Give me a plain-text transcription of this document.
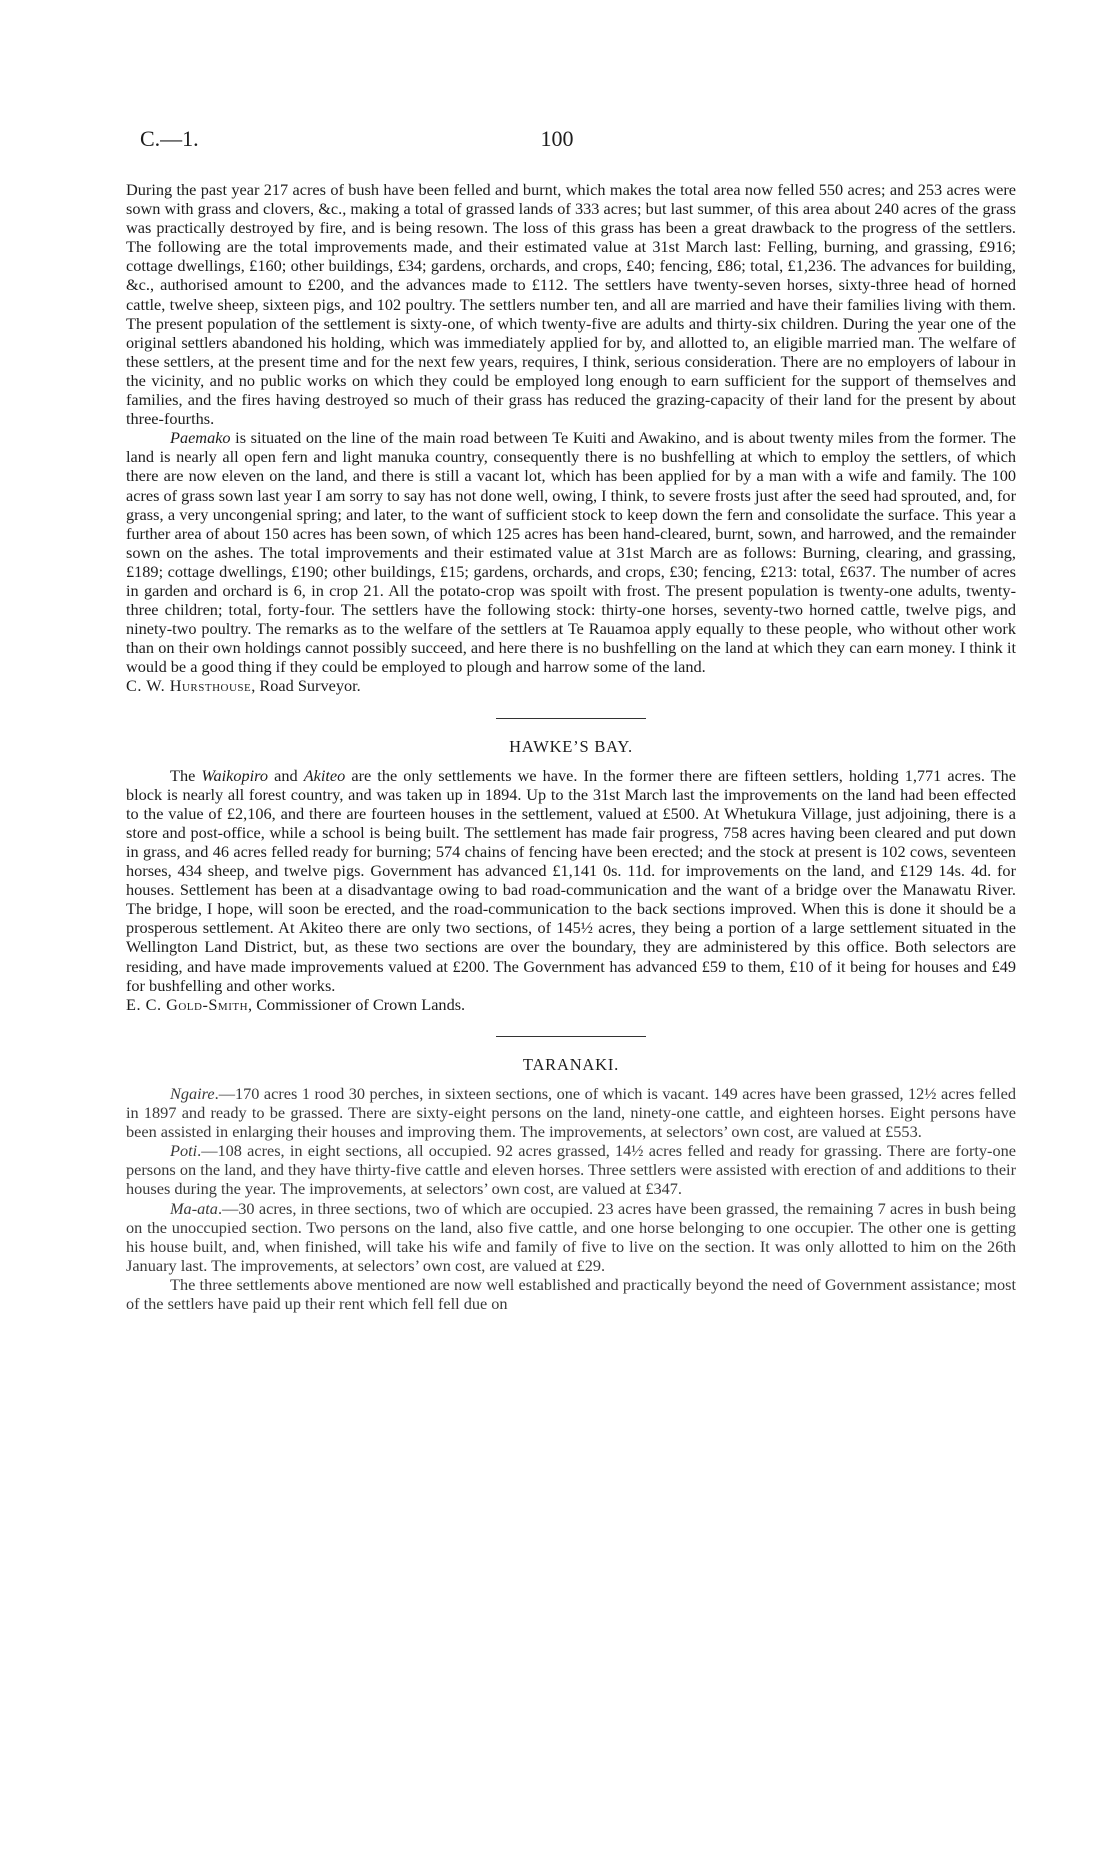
C.—1.	100

During the past year 217 acres of bush have been felled and burnt, which makes the total area now felled 550 acres; and 253 acres were sown with grass and clovers, &c., making a total of grassed lands of 333 acres; but last summer, of this area about 240 acres of the grass was practically destroyed by fire, and is being resown. The loss of this grass has been a great drawback to the progress of the settlers. The following are the total improvements made, and their estimated value at 31st March last: Felling, burning, and grassing, £916; cottage dwellings, £160; other buildings, £34; gardens, orchards, and crops, £40; fencing, £86; total, £1,236. The advances for building, &c., authorised amount to £200, and the advances made to £112. The settlers have twenty-seven horses, sixty-three head of horned cattle, twelve sheep, sixteen pigs, and 102 poultry. The settlers number ten, and all are married and have their families living with them. The present population of the settlement is sixty-one, of which twenty-five are adults and thirty-six children. During the year one of the original settlers abandoned his holding, which was immediately applied for by, and allotted to, an eligible married man. The welfare of these settlers, at the present time and for the next few years, requires, I think, serious consideration. There are no employers of labour in the vicinity, and no public works on which they could be employed long enough to earn sufficient for the support of themselves and families, and the fires having destroyed so much of their grass has reduced the grazing-capacity of their land for the present by about three-fourths.

Paemako is situated on the line of the main road between Te Kuiti and Awakino, and is about twenty miles from the former. The land is nearly all open fern and light manuka country, consequently there is no bushfelling at which to employ the settlers, of which there are now eleven on the land, and there is still a vacant lot, which has been applied for by a man with a wife and family. The 100 acres of grass sown last year I am sorry to say has not done well, owing, I think, to severe frosts just after the seed had sprouted, and, for grass, a very uncongenial spring; and later, to the want of sufficient stock to keep down the fern and consolidate the surface. This year a further area of about 150 acres has been sown, of which 125 acres has been hand-cleared, burnt, sown, and harrowed, and the remainder sown on the ashes. The total improvements and their estimated value at 31st March are as follows: Burning, clearing, and grassing, £189; cottage dwellings, £190; other buildings, £15; gardens, orchards, and crops, £30; fencing, £213: total, £637. The number of acres in garden and orchard is 6, in crop 21. All the potato-crop was spoilt with frost. The present population is twenty-one adults, twenty-three children; total, forty-four. The settlers have the following stock: thirty-one horses, seventy-two horned cattle, twelve pigs, and ninety-two poultry. The remarks as to the welfare of the settlers at Te Rauamoa apply equally to these people, who without other work than on their own holdings cannot possibly succeed, and here there is no bushfelling on the land at which they can earn money. I think it would be a good thing if they could be employed to plough and harrow some of the land.

C. W. Hursthouse, Road Surveyor.

HAWKE’S BAY.

The Waikopiro and Akiteo are the only settlements we have. In the former there are fifteen settlers, holding 1,771 acres. The block is nearly all forest country, and was taken up in 1894. Up to the 31st March last the improvements on the land had been effected to the value of £2,106, and there are fourteen houses in the settlement, valued at £500. At Whetukura Village, just adjoining, there is a store and post-office, while a school is being built. The settlement has made fair progress, 758 acres having been cleared and put down in grass, and 46 acres felled ready for burning; 574 chains of fencing have been erected; and the stock at present is 102 cows, seventeen horses, 434 sheep, and twelve pigs. Government has advanced £1,141 0s. 11d. for improvements on the land, and £129 14s. 4d. for houses. Settlement has been at a disadvantage owing to bad road-communication and the want of a bridge over the Manawatu River. The bridge, I hope, will soon be erected, and the road-communication to the back sections improved. When this is done it should be a prosperous settlement. At Akiteo there are only two sections, of 145½ acres, they being a portion of a large settlement situated in the Wellington Land District, but, as these two sections are over the boundary, they are administered by this office. Both selectors are residing, and have made improvements valued at £200. The Government has advanced £59 to them, £10 of it being for houses and £49 for bushfelling and other works.

E. C. Gold-Smith, Commissioner of Crown Lands.

TARANAKI.

Ngaire.—170 acres 1 rood 30 perches, in sixteen sections, one of which is vacant. 149 acres have been grassed, 12½ acres felled in 1897 and ready to be grassed. There are sixty-eight persons on the land, ninety-one cattle, and eighteen horses. Eight persons have been assisted in enlarging their houses and improving them. The improvements, at selectors’ own cost, are valued at £553.

Poti.—108 acres, in eight sections, all occupied. 92 acres grassed, 14½ acres felled and ready for grassing. There are forty-one persons on the land, and they have thirty-five cattle and eleven horses. Three settlers were assisted with erection of and additions to their houses during the year. The improvements, at selectors’ own cost, are valued at £347.

Ma-ata.—30 acres, in three sections, two of which are occupied. 23 acres have been grassed, the remaining 7 acres in bush being on the unoccupied section. Two persons on the land, also five cattle, and one horse belonging to one occupier. The other one is getting his house built, and, when finished, will take his wife and family of five to live on the section. It was only allotted to him on the 26th January last. The improvements, at selectors’ own cost, are valued at £29.

The three settlements above mentioned are now well established and practically beyond the need of Government assistance; most of the settlers have paid up their rent which fell fell due on
